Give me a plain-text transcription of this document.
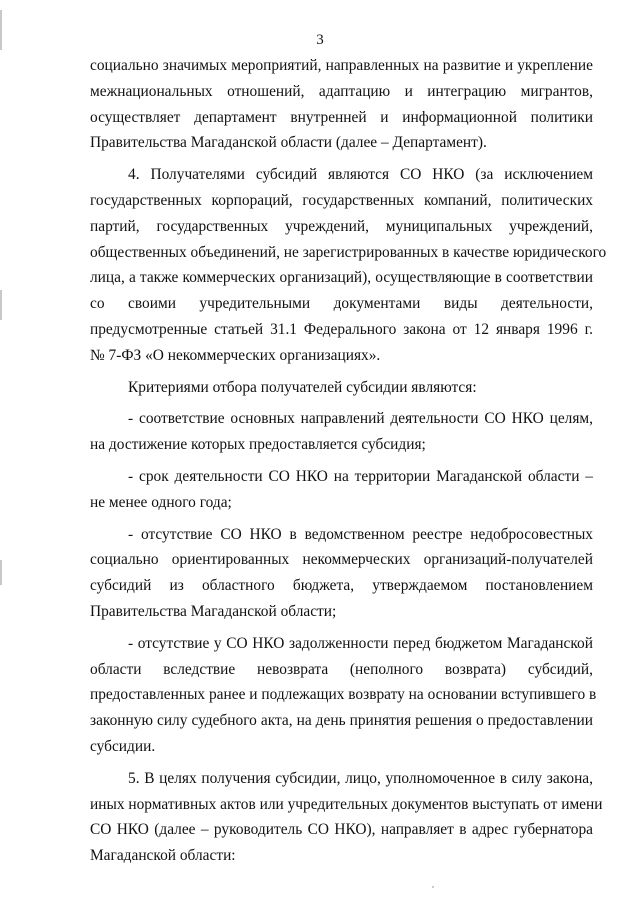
3
социально значимых мероприятий, направленных на развитие и укрепление
межнациональных отношений, адаптацию и интеграцию мигрантов,
осуществляет департамент внутренней и информационной политики
Правительства Магаданской области (далее – Департамент).
4. Получателями субсидий являются СО НКО (за исключением
государственных корпораций, государственных компаний, политических
партий, государственных учреждений, муниципальных учреждений,
общественных объединений, не зарегистрированных в качестве юридического
лица, а также коммерческих организаций), осуществляющие в соответствии
со своими учредительными документами виды деятельности,
предусмотренные статьей 31.1 Федерального закона от 12 января 1996 г.
№ 7-ФЗ «О некоммерческих организациях».
Критериями отбора получателей субсидии являются:
- соответствие основных направлений деятельности СО НКО целям,
на достижение которых предоставляется субсидия;
- срок деятельности СО НКО на территории Магаданской области –
не менее одного года;
- отсутствие СО НКО в ведомственном реестре недобросовестных
социально ориентированных некоммерческих организаций-получателей
субсидий из областного бюджета, утверждаемом постановлением
Правительства Магаданской области;
- отсутствие у СО НКО задолженности перед бюджетом Магаданской
области вследствие невозврата (неполного возврата) субсидий,
предоставленных ранее и подлежащих возврату на основании вступившего в
законную силу судебного акта, на день принятия решения о предоставлении
субсидии.
5. В целях получения субсидии, лицо, уполномоченное в силу закона,
иных нормативных актов или учредительных документов выступать от имени
СО НКО (далее – руководитель СО НКО), направляет в адрес губернатора
Магаданской области:
